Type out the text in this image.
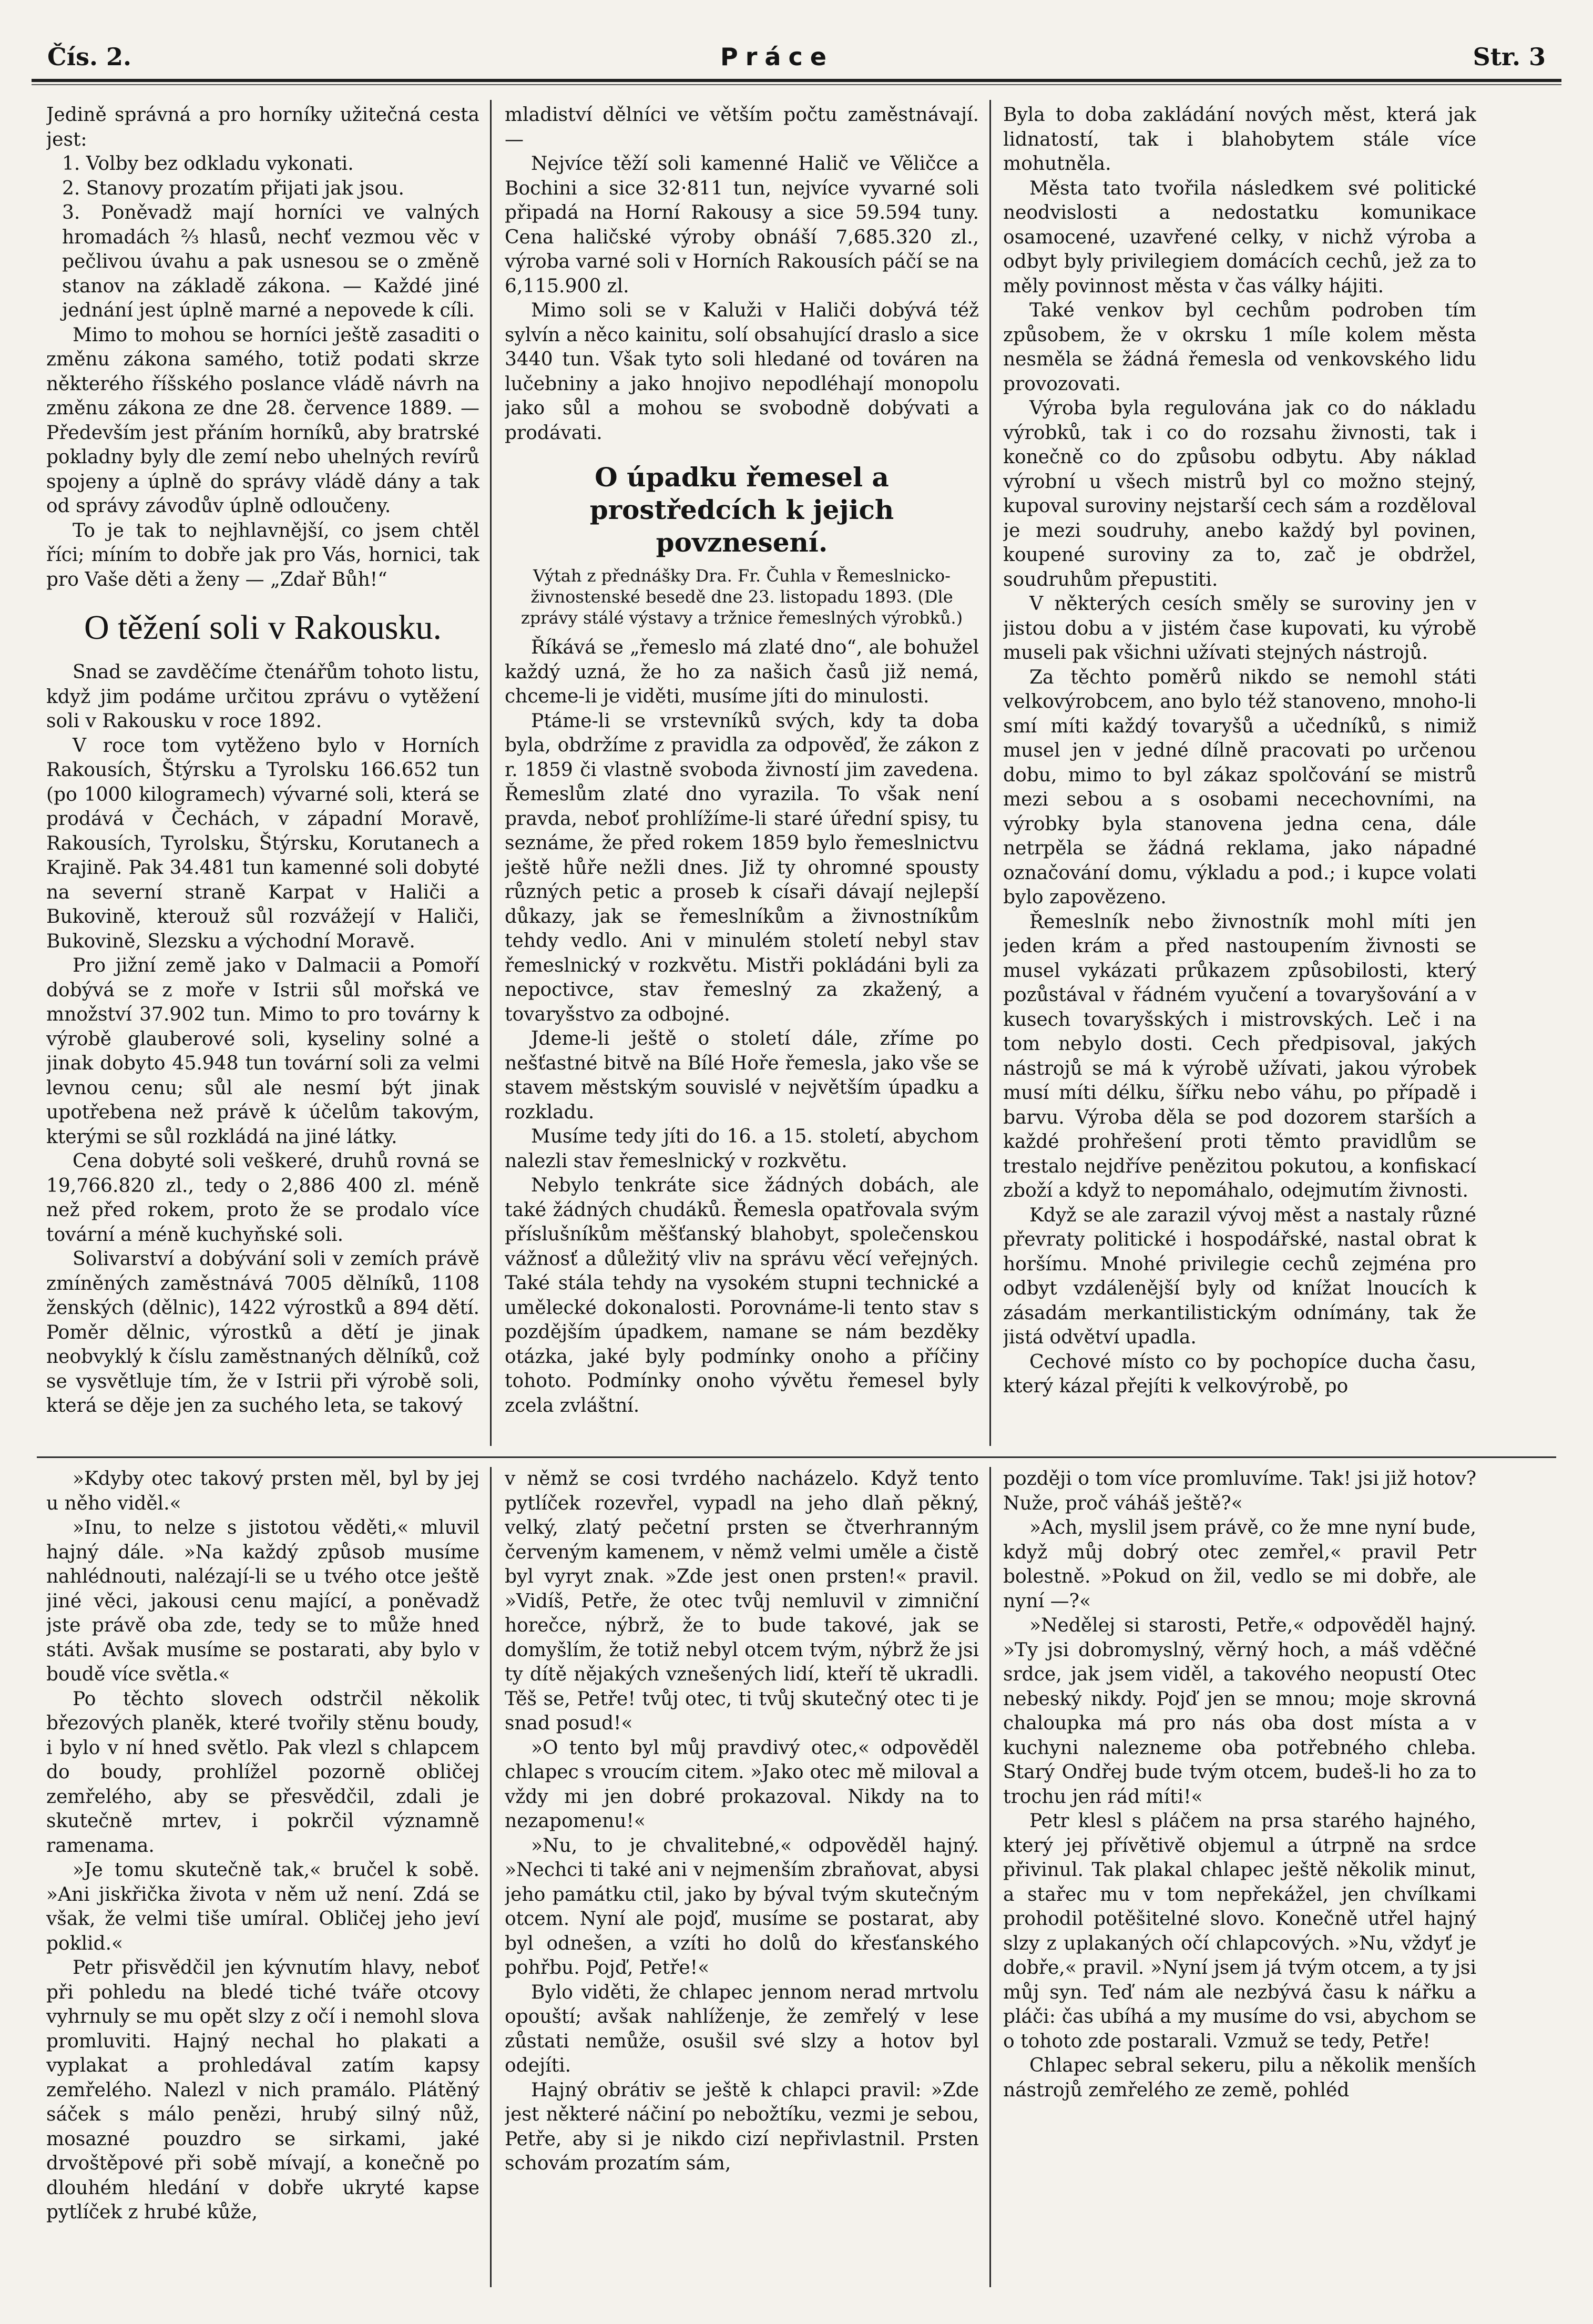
Čís. 2.	Práce	Str. 3

Jedině správná a pro horníky užitečná cesta jest:

1. Volby bez odkladu vykonati.

2. Stanovy prozatím přijati jak jsou.

3. Poněvadž mají horníci ve valných hromadách ⅔ hlasů, nechť vezmou věc v pečlivou úvahu a pak usnesou se o změně stanov na základě zákona. — Každé jiné jednání jest úplně marné a nepovede k cíli.

Mimo to mohou se horníci ještě zasaditi o změnu zákona samého, totiž podati skrze některého říšského poslance vládě návrh na změnu zákona ze dne 28. července 1889. — Především jest přáním horníků, aby bratrské pokladny byly dle zemí nebo uhelných revírů spojeny a úplně do správy vládě dány a tak od správy závodův úplně odloučeny.

To je tak to nejhlavnější, co jsem chtěl říci; míním to dobře jak pro Vás, hornici, tak pro Vaše děti a ženy — „Zdař Bůh!“

O těžení soli v Rakousku.

Snad se zavděčíme čtenářům tohoto listu, když jim podáme určitou zprávu o vytěžení soli v Rakousku v roce 1892.

V roce tom vytěženo bylo v Horních Rakousích, Štýrsku a Tyrolsku 166.652 tun (po 1000 kilogramech) vývarné soli, která se prodává v Čechách, v západní Moravě, Rakousích, Tyrolsku, Štýrsku, Korutanech a Krajině. Pak 34.481 tun kamenné soli dobyté na severní straně Karpat v Haliči a Bukovině, kterouž sůl rozvážejí v Haliči, Bukovině, Slezsku a východní Moravě.

Pro jižní země jako v Dalmacii a Pomoří dobývá se z moře v Istrii sůl mořská ve množství 37.902 tun. Mimo to pro továrny k výrobě glauberové soli, kyseliny solné a jinak dobyto 45.948 tun tovární soli za velmi levnou cenu; sůl ale nesmí být jinak upotřebena než právě k účelům takovým, kterými se sůl rozkládá na jiné látky.

Cena dobyté soli veškeré, druhů rovná se 19,766.820 zl., tedy o 2,886 400 zl. méně než před rokem, proto že se prodalo více tovární a méně kuchyňské soli.

Solivarství a dobývání soli v zemích právě zmíněných zaměstnává 7005 dělníků, 1108 ženských (dělnic), 1422 výrostků a 894 dětí. Poměr dělnic, výrostků a dětí je jinak neobvyklý k číslu zaměstnaných dělníků, což se vysvětluje tím, že v Istrii při výrobě soli, která se děje jen za suchého leta, se takový

mladiství dělníci ve větším počtu zaměstnávají. —

Nejvíce těží soli kamenné Halič ve Věličce a Bochini a sice 32·811 tun, nejvíce vyvarné soli připadá na Horní Rakousy a sice 59.594 tuny. Cena haličské výroby obnáší 7,685.320 zl., výroba varné soli v Horních Rakousích páčí se na 6,115.900 zl.

Mimo soli se v Kaluži v Haliči dobývá též sylvín a něco kainitu, solí obsahující draslo a sice 3440 tun. Však tyto soli hledané od továren na lučebniny a jako hnojivo nepodléhají monopolu jako sůl a mohou se svobodně dobývati a prodávati.

O úpadku řemesel a prostředcích k jejich povznesení.
Výtah z přednášky Dra. Fr. Čuhla v Řemeslnicko-živnostenské besedě dne 23. listopadu 1893. (Dle zprávy stálé výstavy a tržnice řemeslných výrobků.)

Říkává se „řemeslo má zlaté dno“, ale bohužel každý uzná, že ho za našich časů již nemá, chceme-li je viděti, musíme jíti do minulosti.

Ptáme-li se vrstevníků svých, kdy ta doba byla, obdržíme z pravidla za odpověď, že zákon z r. 1859 či vlastně svoboda živností jim zavedena. Řemeslům zlaté dno vyrazila. To však není pravda, neboť prohlížíme-li staré úřední spisy, tu seznáme, že před rokem 1859 bylo řemeslnictvu ještě hůře nežli dnes. Již ty ohromné spousty různých petic a proseb k císaři dávají nejlepší důkazy, jak se řemeslníkům a živnostníkům tehdy vedlo. Ani v minulém století nebyl stav řemeslnický v rozkvětu. Mistři pokládáni byli za nepoctivce, stav řemeslný za zkažený, a tovaryšstvo za odbojné.

Jdeme-li ještě o století dále, zříme po nešťastné bitvě na Bílé Hoře řemesla, jako vše se stavem městským souvislé v největším úpadku a rozkladu.

Musíme tedy jíti do 16. a 15. století, abychom nalezli stav řemeslnický v rozkvětu.

Nebylo tenkráte sice žádných dobách, ale také žádných chudáků. Řemesla opatřovala svým příslušníkům měšťanský blahobyt, společenskou vážnosť a důležitý vliv na správu věcí veřejných. Také stála tehdy na vysokém stupni technické a umělecké dokonalosti. Porovnáme-li tento stav s pozdějším úpadkem, namane se nám bezděky otázka, jaké byly podmínky onoho a příčiny tohoto. Podmínky onoho vývětu řemesel byly zcela zvláštní.

Byla to doba zakládání nových měst, která jak lidnatostí, tak i blahobytem stále více mohutněla.

Města tato tvořila následkem své politické neodvislosti a nedostatku komunikace osamocené, uzavřené celky, v nichž výroba a odbyt byly privilegiem domácích cechů, jež za to měly povinnost města v čas války hájiti.

Také venkov byl cechům podroben tím způsobem, že v okrsku 1 míle kolem města nesměla se žádná řemesla od venkovského lidu provozovati.

Výroba byla regulována jak co do nákladu výrobků, tak i co do rozsahu živnosti, tak i konečně co do způsobu odbytu. Aby náklad výrobní u všech mistrů byl co možno stejný, kupoval suroviny nejstarší cech sám a rozděloval je mezi soudruhy, anebo každý byl povinen, koupené suroviny za to, zač je obdržel, soudruhům přepustiti.

V některých cesích směly se suroviny jen v jistou dobu a v jistém čase kupovati, ku výrobě museli pak všichni užívati stejných nástrojů.

Za těchto poměrů nikdo se nemohl státi velkovýrobcem, ano bylo též stanoveno, mnoho-li smí míti každý tovaryšů a učedníků, s nimiž musel jen v jedné dílně pracovati po určenou dobu, mimo to byl zákaz spolčování se mistrů mezi sebou a s osobami necechovními, na výrobky byla stanovena jedna cena, dále netrpěla se žádná reklama, jako nápadné označování domu, výkladu a pod.; i kupce volati bylo zapovězeno.

Řemeslník nebo živnostník mohl míti jen jeden krám a před nastoupením živnosti se musel vykázati průkazem způsobilosti, který pozůstával v řádném vyučení a tovaryšování a v kusech tovaryšských i mistrovských. Leč i na tom nebylo dosti. Cech předpisoval, jakých nástrojů se má k výrobě užívati, jakou výrobek musí míti délku, šířku nebo váhu, po případě i barvu. Výroba děla se pod dozorem starších a každé prohřešení proti těmto pravidlům se trestalo nejdříve penězitou pokutou, a konfiskací zboží a když to nepomáhalo, odejmutím živnosti.

Když se ale zarazil vývoj měst a nastaly různé převraty politické i hospodářské, nastal obrat k horšímu. Mnohé privilegie cechů zejména pro odbyt vzdálenější byly od knížat lnoucích k zásadám merkantilistickým odnímány, tak že jistá odvětví upadla.

Cechové místo co by pochopíce ducha času, který kázal přejíti k velkovýrobě, po

»Kdyby otec takový prsten měl, byl by jej u něho viděl.«

»Inu, to nelze s jistotou věděti,« mluvil hajný dále. »Na každý způsob musíme nahlédnouti, nalézají-li se u tvého otce ještě jiné věci, jakousi cenu mající, a poněvadž jste právě oba zde, tedy se to může hned státi. Avšak musíme se postarati, aby bylo v boudě více světla.«

Po těchto slovech odstrčil několik březových planěk, které tvořily stěnu boudy, i bylo v ní hned světlo. Pak vlezl s chlapcem do boudy, prohlížel pozorně obličej zemřelého, aby se přesvědčil, zdali je skutečně mrtev, i pokrčil významně ramenama.

»Je tomu skutečně tak,« bručel k sobě. »Ani jiskřička života v něm už není. Zdá se však, že velmi tiše umíral. Obličej jeho jeví poklid.«

Petr přisvědčil jen kývnutím hlavy, neboť při pohledu na bledé tiché tváře otcovy vyhrnuly se mu opět slzy z očí i nemohl slova promluviti. Hajný nechal ho plakati a vyplakat a prohledával zatím kapsy zemřelého. Nalezl v nich pramálo. Plátěný sáček s málo penězi, hrubý silný nůž, mosazné pouzdro se sirkami, jaké drvoštěpové při sobě mívají, a konečně po dlouhém hledání v dobře ukryté kapse pytlíček z hrubé kůže,

v němž se cosi tvrdého nacházelo. Když tento pytlíček rozevřel, vypadl na jeho dlaň pěkný, velký, zlatý pečetní prsten se čtverhranným červeným kamenem, v němž velmi uměle a čistě byl vyryt znak. »Zde jest onen prsten!« pravil. »Vidíš, Petře, že otec tvůj nemluvil v zimniční horečce, nýbrž, že to bude takové, jak se domyšlím, že totiž nebyl otcem tvým, nýbrž že jsi ty dítě nějakých vznešených lidí, kteří tě ukradli. Těš se, Petře! tvůj otec, ti tvůj skutečný otec ti je snad posud!«

»O tento byl můj pravdivý otec,« odpověděl chlapec s vroucím citem. »Jako otec mě miloval a vždy mi jen dobré prokazoval. Nikdy na to nezapomenu!«

»Nu, to je chvalitebné,« odpověděl hajný. »Nechci ti také ani v nejmenším zbraňovat, abysi jeho památku ctil, jako by býval tvým skutečným otcem. Nyní ale pojď, musíme se postarat, aby byl odnešen, a vzíti ho dolů do křesťanského pohřbu. Pojď, Petře!«

Bylo viděti, že chlapec jennom nerad mrtvolu opouští; avšak nahlíženje, že zemřelý v lese zůstati nemůže, osušil své slzy a hotov byl odejíti.

Hajný obrátiv se ještě k chlapci pravil: »Zde jest některé náčiní po nebožtíku, vezmi je sebou, Petře, aby si je nikdo cizí nepřivlastnil. Prsten schovám prozatím sám,

později o tom více promluvíme. Tak! jsi již hotov? Nuže, proč váháš ještě?«

»Ach, myslil jsem právě, co že mne nyní bude, když můj dobrý otec zemřel,« pravil Petr bolestně. »Pokud on žil, vedlo se mi dobře, ale nyní —?«

»Nedělej si starosti, Petře,« odpověděl hajný. »Ty jsi dobromyslný, věrný hoch, a máš vděčné srdce, jak jsem viděl, a takového neopustí Otec nebeský nikdy. Pojď jen se mnou; moje skrovná chaloupka má pro nás oba dost místa a v kuchyni nalezneme oba potřebného chleba. Starý Ondřej bude tvým otcem, budeš-li ho za to trochu jen rád míti!«

Petr klesl s pláčem na prsa starého hajného, který jej přívětivě objemul a útrpně na srdce přivinul. Tak plakal chlapec ještě několik minut, a stařec mu v tom nepřekážel, jen chvílkami prohodil potěšitelné slovo. Konečně utřel hajný slzy z uplakaných očí chlapcových. »Nu, vždyť je dobře,« pravil. »Nyní jsem já tvým otcem, a ty jsi můj syn. Teď nám ale nezbývá času k nářku a pláči: čas ubíhá a my musíme do vsi, abychom se o tohoto zde postarali. Vzmuž se tedy, Petře!

Chlapec sebral sekeru, pilu a několik menších nástrojů zemřelého ze země, pohléd
